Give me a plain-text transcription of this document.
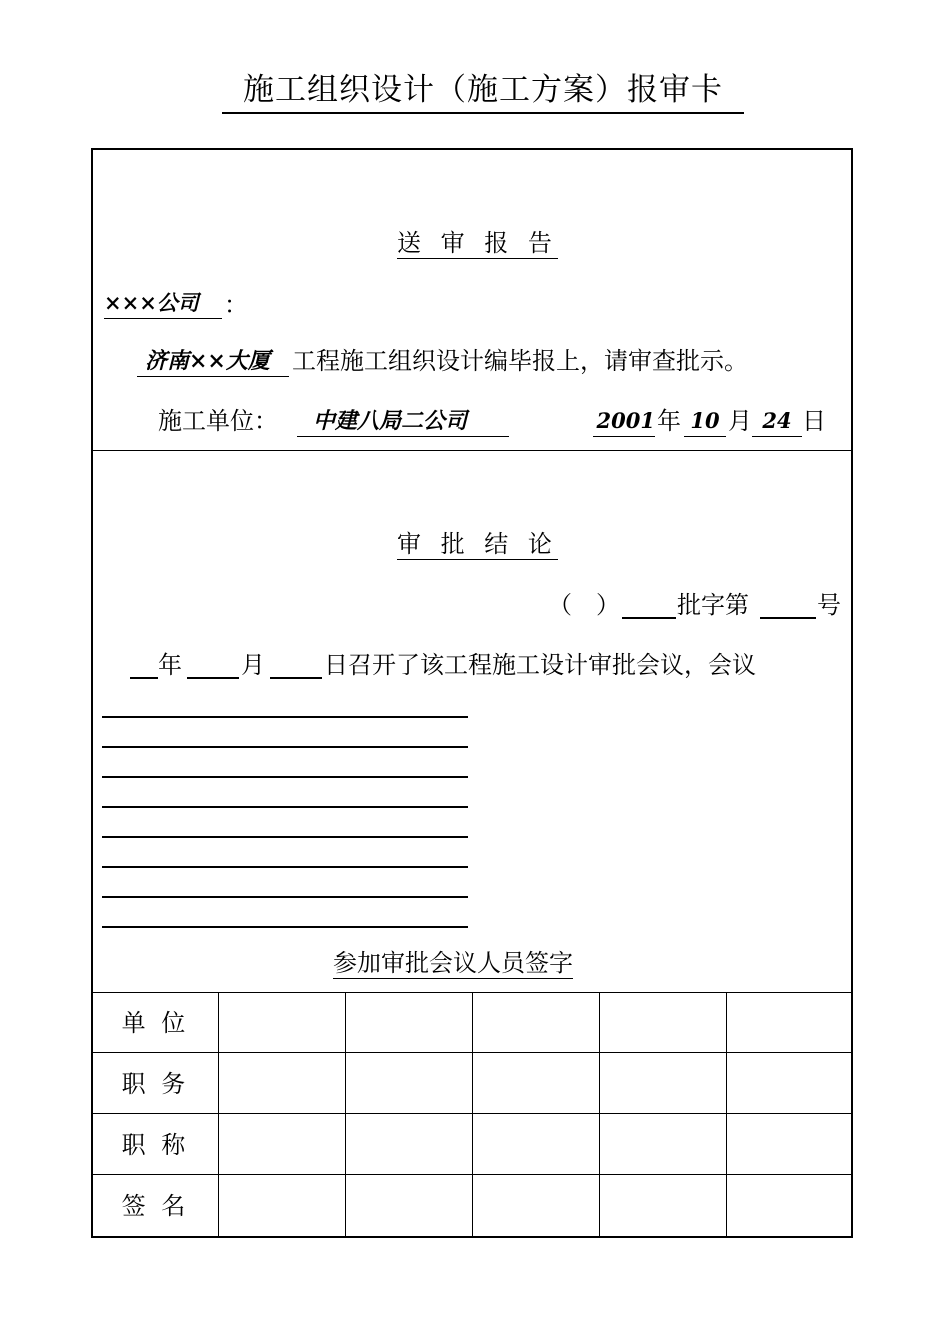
施工组织设计（施工方案）报审卡
送 审 报 告
×××公司	：
济南××大厦 工程施工组织设计编毕报上，请审查批示。
施工单位：	中建八局二公司	2001 年 10 月 24 日
审 批 结 论
（　） 批字第	号
年 月 日召开了该工程施工设计审批会议，会议
参加审批会议人员签字
单 位
职 务
职 称
签 名
